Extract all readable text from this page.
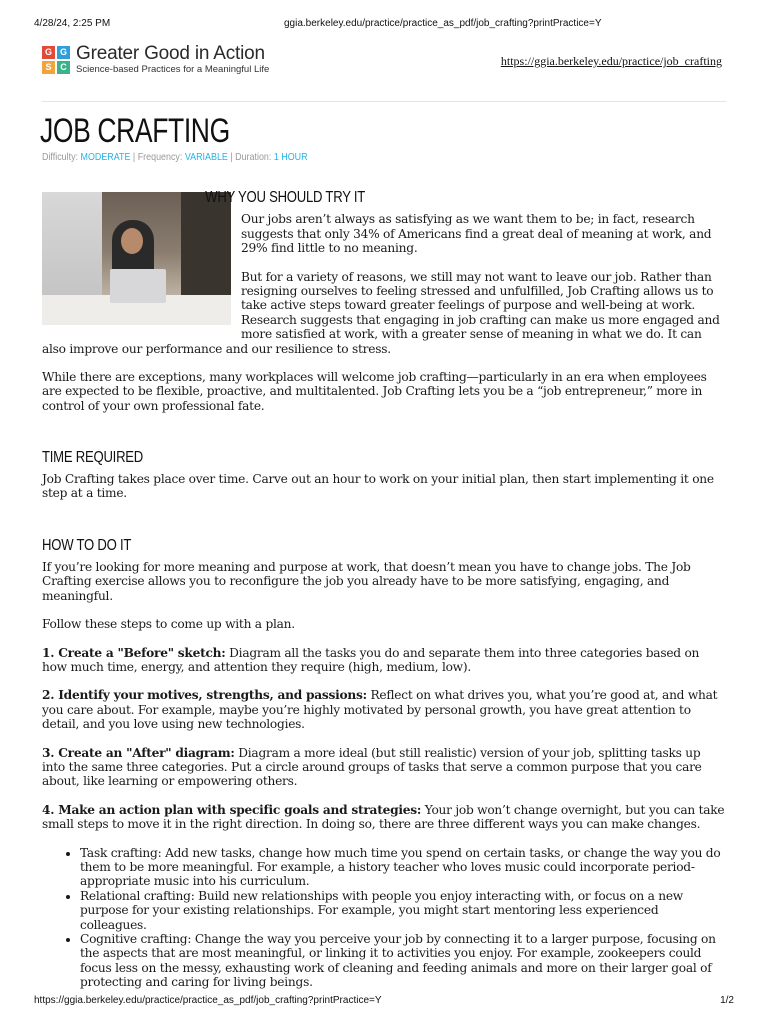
4/28/24, 2:25 PM	ggia.berkeley.edu/practice/practice_as_pdf/job_crafting?printPractice=Y
G G
S C
Greater Good in Action
Science-based Practices for a Meaningful Life
https://ggia.berkeley.edu/practice/job_crafting
JOB CRAFTING
Difficulty: MODERATE | Frequency: VARIABLE | Duration: 1 HOUR
WHY YOU SHOULD TRY IT

Our jobs aren’t always as satisfying as we want them to be; in fact, research suggests that only 34% of Americans find a great deal of meaning at work, and 29% find little to no meaning.

But for a variety of reasons, we still may not want to leave our job. Rather than resigning ourselves to feeling stressed and unfulfilled, Job Crafting allows us to take active steps toward greater feelings of purpose and well-being at work. Research suggests that engaging in job crafting can make us more engaged and more satisfied at work, with a greater sense of meaning in what we do. It can also improve our performance and our resilience to stress.

While there are exceptions, many workplaces will welcome job crafting—particularly in an era when employees are expected to be flexible, proactive, and multitalented. Job Crafting lets you be a “job entrepreneur,” more in control of your own professional fate.

TIME REQUIRED

Job Crafting takes place over time. Carve out an hour to work on your initial plan, then start implementing it one step at a time.

HOW TO DO IT

If you’re looking for more meaning and purpose at work, that doesn’t mean you have to change jobs. The Job Crafting exercise allows you to reconfigure the job you already have to be more satisfying, engaging, and meaningful.

Follow these steps to come up with a plan.

1. Create a "Before" sketch: Diagram all the tasks you do and separate them into three categories based on how much time, energy, and attention they require (high, medium, low).

2. Identify your motives, strengths, and passions: Reflect on what drives you, what you’re good at, and what you care about. For example, maybe you’re highly motivated by personal growth, you have great attention to detail, and you love using new technologies.

3. Create an "After" diagram: Diagram a more ideal (but still realistic) version of your job, splitting tasks up into the same three categories. Put a circle around groups of tasks that serve a common purpose that you care about, like learning or empowering others.

4. Make an action plan with specific goals and strategies: Your job won’t change overnight, but you can take small steps to move it in the right direction. In doing so, there are three different ways you can make changes.

• Task crafting: Add new tasks, change how much time you spend on certain tasks, or change the way you do them to be more meaningful. For example, a history teacher who loves music could incorporate period-appropriate music into his curriculum.
• Relational crafting: Build new relationships with people you enjoy interacting with, or focus on a new purpose for your existing relationships. For example, you might start mentoring less experienced colleagues.
• Cognitive crafting: Change the way you perceive your job by connecting it to a larger purpose, focusing on the aspects that are most meaningful, or linking it to activities you enjoy. For example, zookeepers could focus less on the messy, exhausting work of cleaning and feeding animals and more on their larger goal of protecting and caring for living beings.
https://ggia.berkeley.edu/practice/practice_as_pdf/job_crafting?printPractice=Y	1/2
